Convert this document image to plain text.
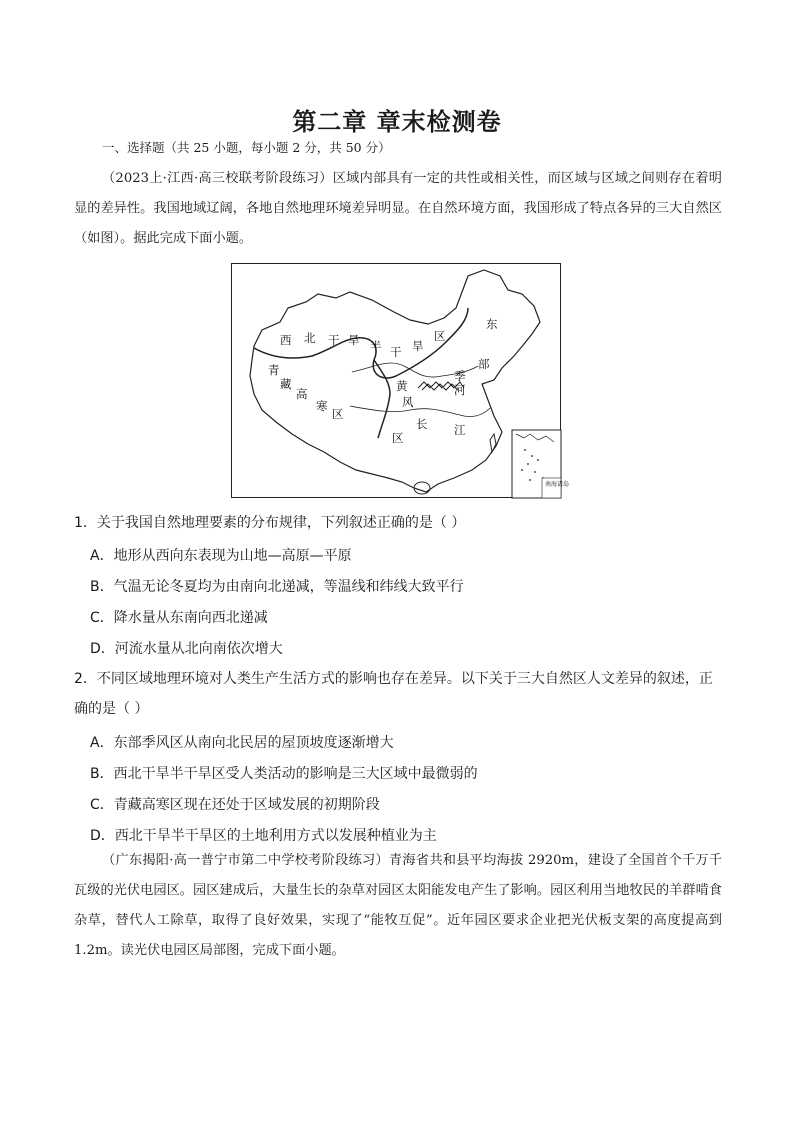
第二章 章末检测卷
一、选择题（共 25 小题，每小题 2 分，共 50 分）
（2023上·江西·高三校联考阶段练习）区域内部具有一定的共性或相关性，而区域与区域之间则存在着明显的差异性。我国地域辽阔，各地自然地理环境差异明显。在自然环境方面，我国形成了特点各异的三大自然区（如图）。据此完成下面小题。
南海诸岛
西 北 干 旱 半 干 旱
区
东
部
季
河
黄
风
长 江
区
青
藏
高
寒
区
1．关于我国自然地理要素的分布规律，下列叙述正确的是（ ）
A．地形从西向东表现为山地—高原—平原
B．气温无论冬夏均为由南向北递减，等温线和纬线大致平行
C．降水量从东南向西北递减
D．河流水量从北向南依次增大
2．不同区域地理环境对人类生产生活方式的影响也存在差异。以下关于三大自然区人文差异的叙述，正确的是（ ）
A．东部季风区从南向北民居的屋顶坡度逐渐增大
B．西北干旱半干旱区受人类活动的影响是三大区域中最微弱的
C．青藏高寒区现在还处于区域发展的初期阶段
D．西北干旱半干旱区的土地利用方式以发展种植业为主
（广东揭阳·高一普宁市第二中学校考阶段练习）青海省共和县平均海拔 2920m，建设了全国首个千万千瓦级的光伏电园区。园区建成后，大量生长的杂草对园区太阳能发电产生了影响。园区利用当地牧民的羊群啃食杂草，替代人工除草，取得了良好效果，实现了“能牧互促”。近年园区要求企业把光伏板支架的高度提高到 1.2m。读光伏电园区局部图，完成下面小题。
